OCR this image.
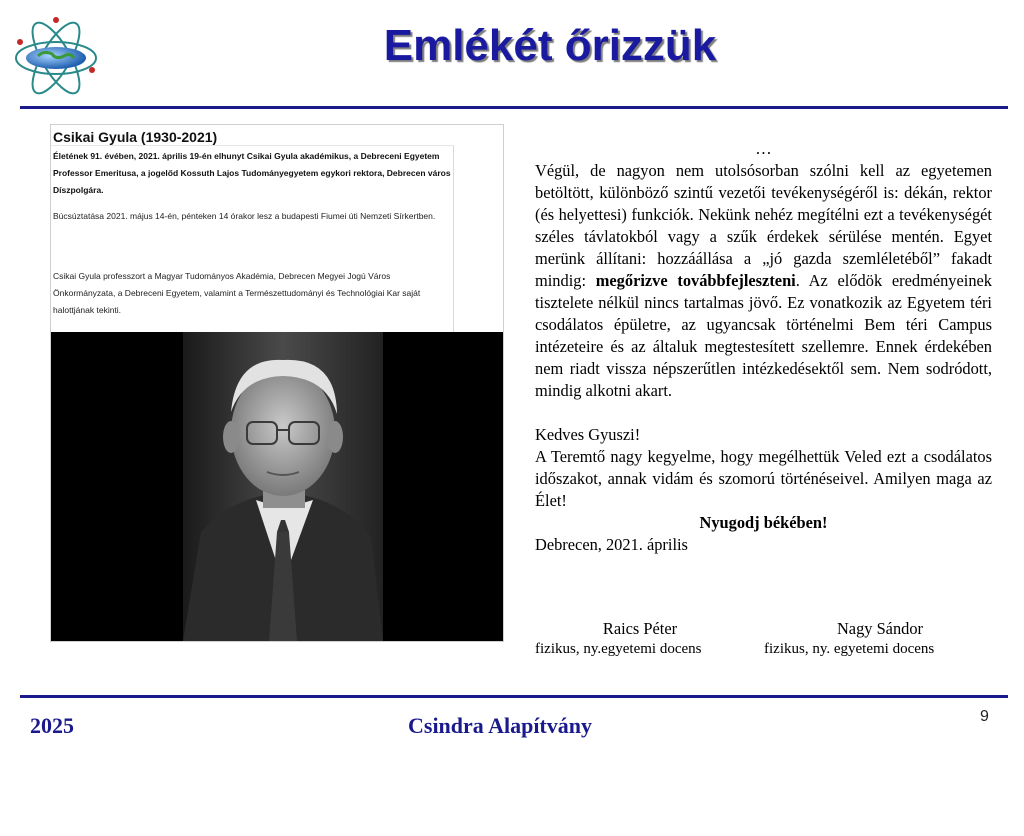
Emlékét őrizzük
Csikai Gyula (1930-2021)
Életének 91. évében, 2021. április 19-én elhunyt Csikai Gyula akadémikus, a Debreceni Egyetem Professor Emeritusa, a jogelőd Kossuth Lajos Tudományegyetem egykori rektora, Debrecen város Díszpolgára.
Búcsúztatása 2021. május 14-én, pénteken 14 órakor lesz a budapesti Fiumei úti Nemzeti Sírkertben.
Csikai Gyula professzort a Magyar Tudományos Akadémia, Debrecen Megyei Jogú Város Önkormányzata, a Debreceni Egyetem, valamint a Természettudományi és Technológiai Kar saját halottjának tekinti.
www.unideb.hu
…
Végül, de nagyon nem utolsósorban szólni kell az egyetemen betöltött, különböző szintű vezetői tevékenységéről is: dékán, rektor (és helyettesi) funkciók. Nekünk nehéz megítélni ezt a tevékenységét széles távlatokból vagy a szűk érdekek sérülése mentén. Egyet merünk állítani: hozzáállása a „jó gazda szemléletéből” fakadt mindig: megőrizve továbbfejleszteni. Az elődök eredményeinek tisztelete nélkül nincs tartalmas jövő. Ez vonatkozik az Egyetem téri csodálatos épületre, az ugyancsak történelmi Bem téri Campus intézeteire és az általuk megtestesített szellemre. Ennek érdekében nem riadt vissza népszerűtlen intézkedésektől sem. Nem sodródott, mindig alkotni akart.
Kedves Gyuszi!
A Teremtő nagy kegyelme, hogy megélhettük Veled ezt a csodálatos időszakot, annak vidám és szomorú történéseivel. Amilyen maga az Élet!
Nyugodj békében!
Debrecen, 2021. április
Raics Péter
fizikus, ny.egyetemi docens
Nagy Sándor
fizikus, ny. egyetemi docens
2025	Csindra Alapítvány	9
